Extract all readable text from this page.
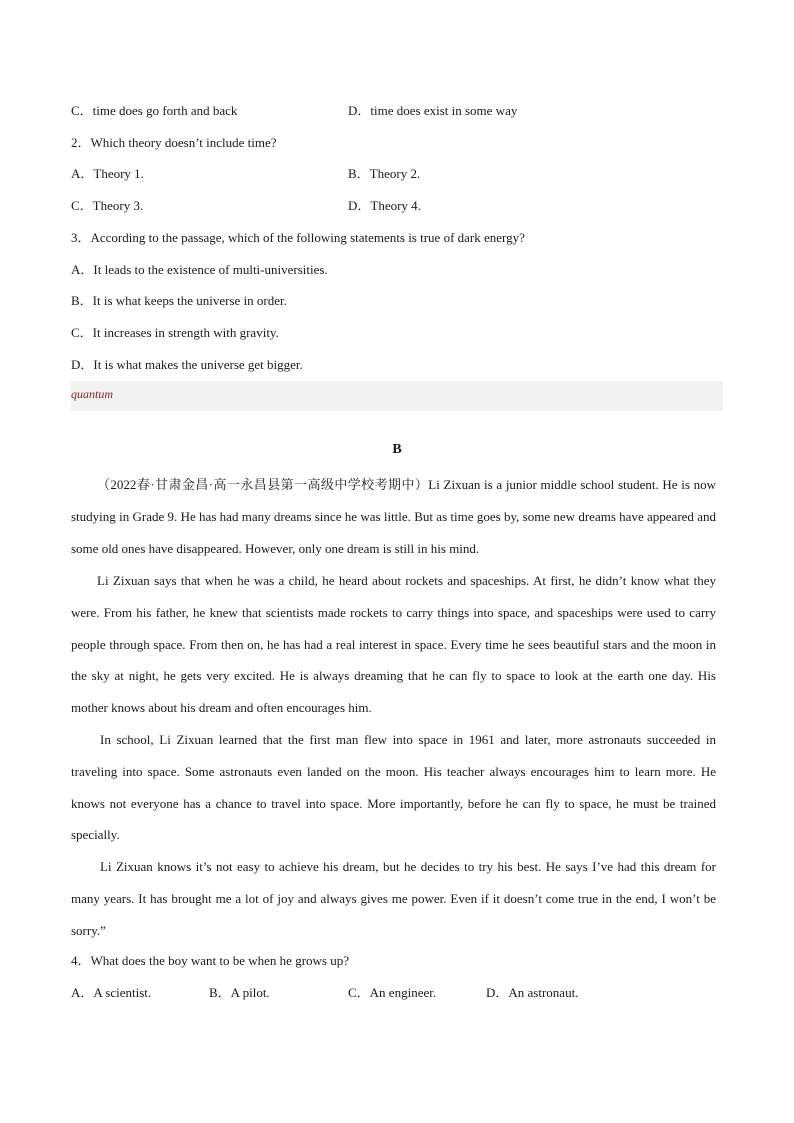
C．time does go forth and back	D．time does exist in some way
2．Which theory doesn’t include time?
A．Theory 1.	B．Theory 2.
C．Theory 3.	D．Theory 4.
3．According to the passage, which of the following statements is true of dark energy?
A．It leads to the existence of multi-universities.
B．It is what keeps the universe in order.
C．It increases in strength with gravity.
D．It is what makes the universe get bigger.
quantum
B
（2022春·甘肃金昌·高一永昌县第一高级中学校考期中）Li Zixuan is a junior middle school student. He is now studying in Grade 9. He has had many dreams since he was little. But as time goes by, some new dreams have appeared and some old ones have disappeared. However, only one dream is still in his mind.
Li Zixuan says that when he was a child, he heard about rockets and spaceships. At first, he didn’t know what they were. From his father, he knew that scientists made rockets to carry things into space, and spaceships were used to carry people through space. From then on, he has had a real interest in space. Every time he sees beautiful stars and the moon in the sky at night, he gets very excited. He is always dreaming that he can fly to space to look at the earth one day. His mother knows about his dream and often encourages him.
In school, Li Zixuan learned that the first man flew into space in 1961 and later, more astronauts succeeded in traveling into space. Some astronauts even landed on the moon. His teacher always encourages him to learn more. He knows not everyone has a chance to travel into space. More importantly, before he can fly to space, he must be trained specially.
Li Zixuan knows it’s not easy to achieve his dream, but he decides to try his best. He says I’ve had this dream for many years. It has brought me a lot of joy and always gives me power. Even if it doesn’t come true in the end, I won’t be sorry.”
4．What does the boy want to be when he grows up?
A．A scientist.	B．A pilot.	C．An engineer.	D．An astronaut.
